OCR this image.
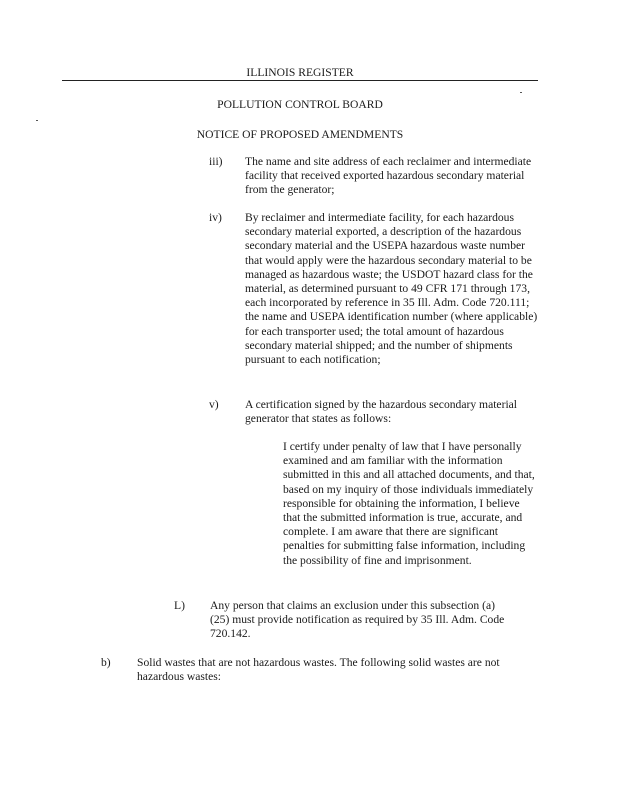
ILLINOIS REGISTER
POLLUTION CONTROL BOARD
NOTICE OF PROPOSED AMENDMENTS
iii) The name and site address of each reclaimer and intermediate facility that received exported hazardous secondary material from the generator;
iv) By reclaimer and intermediate facility, for each hazardous secondary material exported, a description of the hazardous secondary material and the USEPA hazardous waste number that would apply were the hazardous secondary material to be managed as hazardous waste; the USDOT hazard class for the material, as determined pursuant to 49 CFR 171 through 173, each incorporated by reference in 35 Ill. Adm. Code 720.111; the name and USEPA identification number (where applicable) for each transporter used; the total amount of hazardous secondary material shipped; and the number of shipments pursuant to each notification;
v) A certification signed by the hazardous secondary material generator that states as follows:
I certify under penalty of law that I have personally examined and am familiar with the information submitted in this and all attached documents, and that, based on my inquiry of those individuals immediately responsible for obtaining the information, I believe that the submitted information is true, accurate, and complete. I am aware that there are significant penalties for submitting false information, including the possibility of fine and imprisonment.
L) Any person that claims an exclusion under this subsection (a)(25) must provide notification as required by 35 Ill. Adm. Code 720.142.
b) Solid wastes that are not hazardous wastes. The following solid wastes are not hazardous wastes:
